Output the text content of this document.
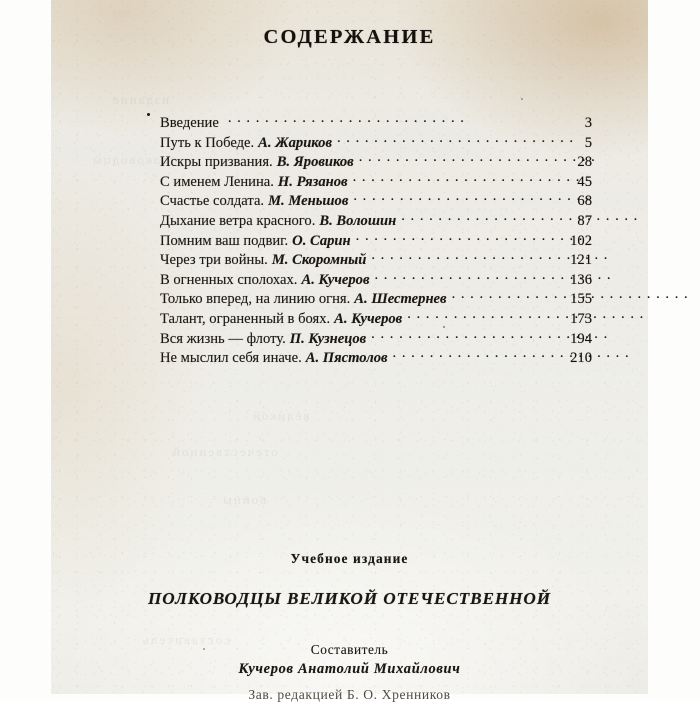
издание
полководцы
великой
отечественной
составитель
войны
СОДЕРЖАНИЕ
Введение .	3
Путь к Победе. А. Жариков .	5
Искры призвания. В. Яровиков .	28
С именем Ленина. Н. Рязанов .	45
Счастье солдата. М. Меньшов .	68
Дыхание ветра красного. В. Волошин .	87
Помним ваш подвиг. О. Сарин .	102
Через три войны. М. Скоромный .	121
В огненных сполохах. А. Кучеров .	136
Только вперед, на линию огня. А. Шестернев .	155
Талант, ограненный в боях. А. Кучеров .	173
Вся жизнь — флоту. П. Кузнецов .	194
Не мыслил себя иначе. А. Пястолов .	210
Учебное издание
ПОЛКОВОДЦЫ ВЕЛИКОЙ ОТЕЧЕСТВЕННОЙ
Составитель
Кучеров Анатолий Михайлович
Зав. редакцией Б. О. Хренников
